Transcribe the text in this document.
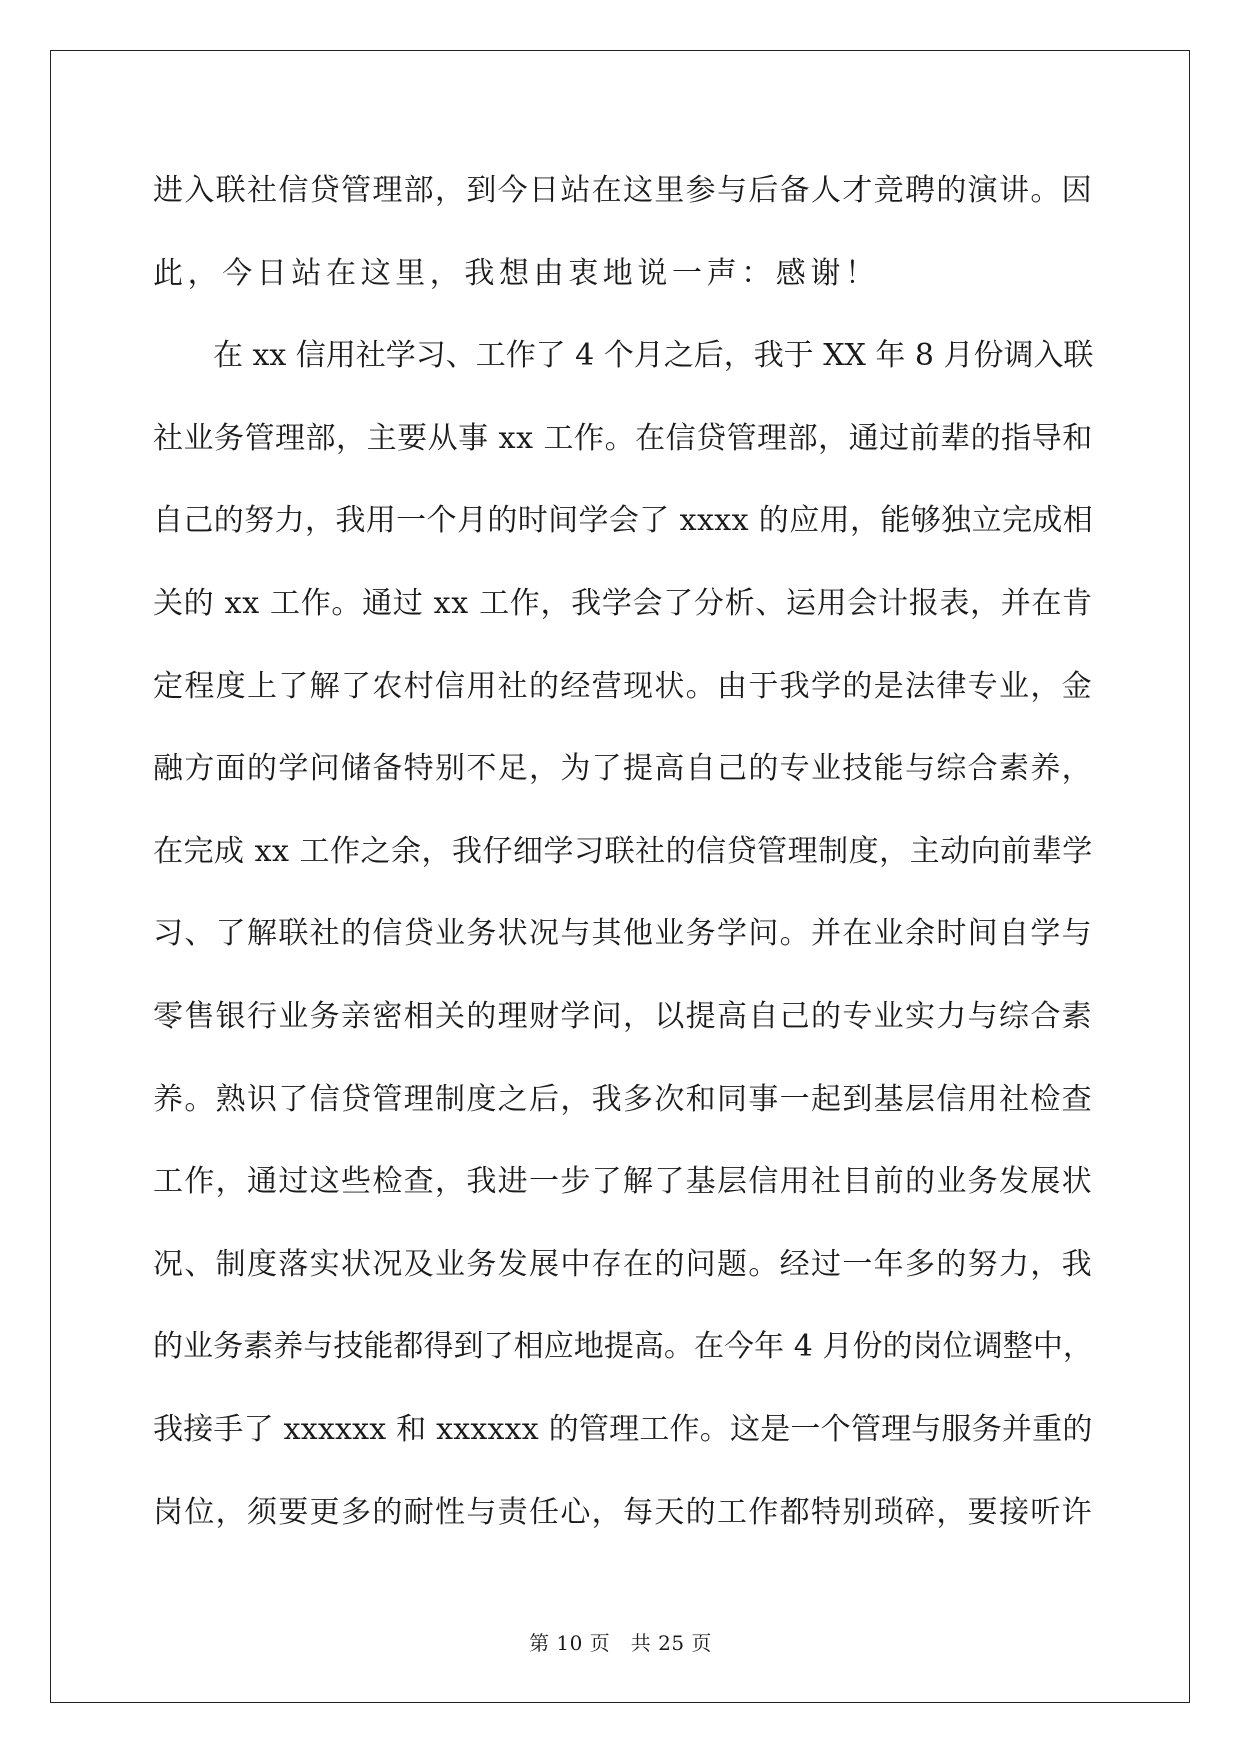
进入联社信贷管理部，到今日站在这里参与后备人才竞聘的演讲。因

此，今日站在这里，我想由衷地说一声：感谢！

　　在 xx 信用社学习、工作了 4 个月之后，我于 XX 年 8 月份调入联

社业务管理部，主要从事 xx 工作。在信贷管理部，通过前辈的指导和

自己的努力，我用一个月的时间学会了 xxxx 的应用，能够独立完成相

关的 xx 工作。通过 xx 工作，我学会了分析、运用会计报表，并在肯

定程度上了解了农村信用社的经营现状。由于我学的是法律专业，金

融方面的学问储备特别不足，为了提高自己的专业技能与综合素养，

在完成 xx 工作之余，我仔细学习联社的信贷管理制度，主动向前辈学

习、了解联社的信贷业务状况与其他业务学问。并在业余时间自学与

零售银行业务亲密相关的理财学问，以提高自己的专业实力与综合素

养。熟识了信贷管理制度之后，我多次和同事一起到基层信用社检查

工作，通过这些检查，我进一步了解了基层信用社目前的业务发展状

况、制度落实状况及业务发展中存在的问题。经过一年多的努力，我

的业务素养与技能都得到了相应地提高。在今年 4 月份的岗位调整中，

我接手了 xxxxxx 和 xxxxxx 的管理工作。这是一个管理与服务并重的

岗位，须要更多的耐性与责任心，每天的工作都特别琐碎，要接听许

第 10 页　共 25 页
